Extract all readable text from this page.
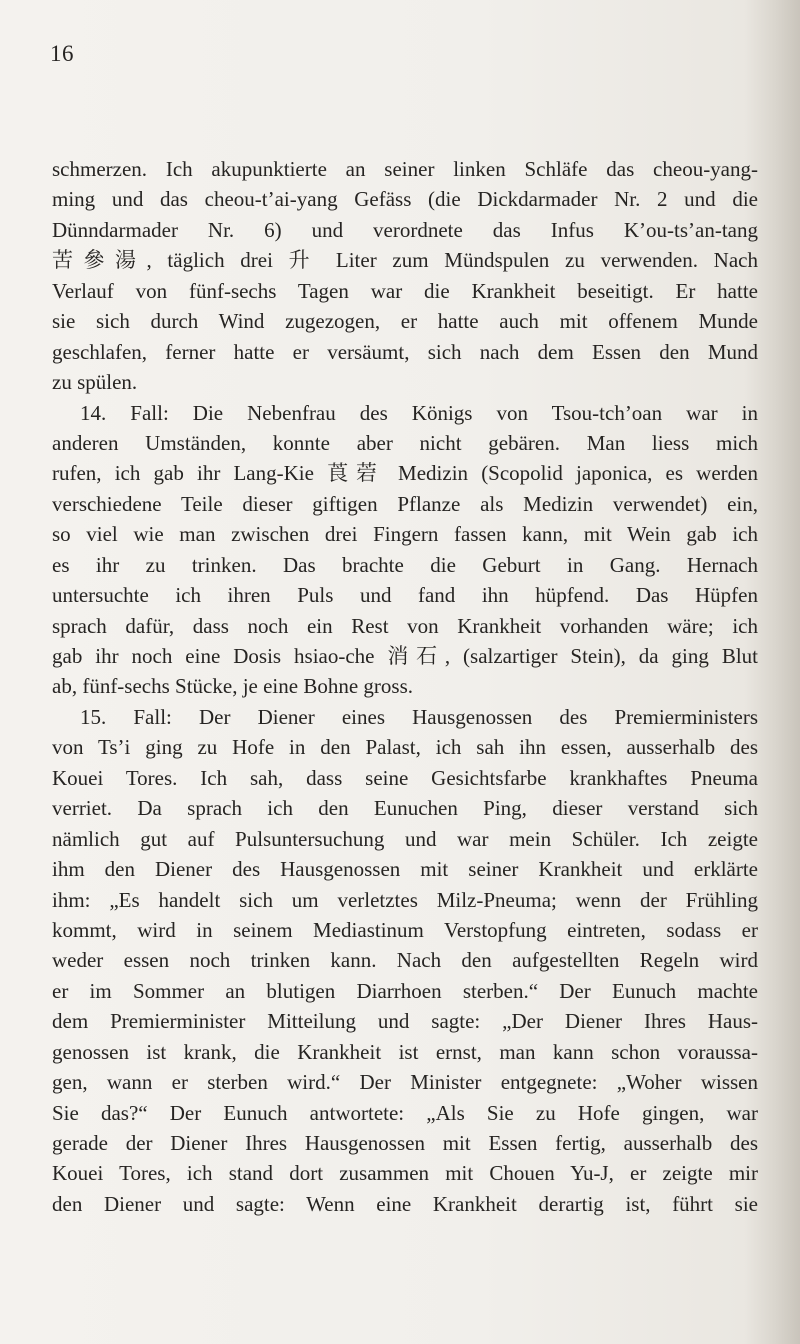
16
schmerzen. Ich akupunktierte an seiner linken Schläfe das cheou-yang-
ming und das cheou-t’ai-yang Gefäss (die Dickdarmader Nr. 2 und die
Dünndarmader Nr. 6) und verordnete das Infus K’ou-ts’an-tang
苦參湯, täglich drei 升 Liter zum Mündspulen zu verwenden. Nach
Verlauf von fünf-sechs Tagen war die Krankheit beseitigt. Er hatte
sie sich durch Wind zugezogen, er hatte auch mit offenem Munde
geschlafen, ferner hatte er versäumt, sich nach dem Essen den Mund
zu spülen.
14. Fall: Die Nebenfrau des Königs von Tsou-tch’oan war in
anderen Umständen, konnte aber nicht gebären. Man liess mich
rufen, ich gab ihr Lang-Kie 莨菪 Medizin (Scopolid japonica, es werden
verschiedene Teile dieser giftigen Pflanze als Medizin verwendet) ein,
so viel wie man zwischen drei Fingern fassen kann, mit Wein gab ich
es ihr zu trinken. Das brachte die Geburt in Gang. Hernach
untersuchte ich ihren Puls und fand ihn hüpfend. Das Hüpfen
sprach dafür, dass noch ein Rest von Krankheit vorhanden wäre; ich
gab ihr noch eine Dosis hsiao-che 消石, (salzartiger Stein), da ging Blut
ab, fünf-sechs Stücke, je eine Bohne gross.
15. Fall: Der Diener eines Hausgenossen des Premierministers
von Ts’i ging zu Hofe in den Palast, ich sah ihn essen, ausserhalb des
Kouei Tores. Ich sah, dass seine Gesichtsfarbe krankhaftes Pneuma
verriet. Da sprach ich den Eunuchen Ping, dieser verstand sich
nämlich gut auf Pulsuntersuchung und war mein Schüler. Ich zeigte
ihm den Diener des Hausgenossen mit seiner Krankheit und erklärte
ihm: „Es handelt sich um verletztes Milz-Pneuma; wenn der Frühling
kommt, wird in seinem Mediastinum Verstopfung eintreten, sodass er
weder essen noch trinken kann. Nach den aufgestellten Regeln wird
er im Sommer an blutigen Diarrhoen sterben.“ Der Eunuch machte
dem Premierminister Mitteilung und sagte: „Der Diener Ihres Haus-
genossen ist krank, die Krankheit ist ernst, man kann schon voraussa-
gen, wann er sterben wird.“ Der Minister entgegnete: „Woher wissen
Sie das?“ Der Eunuch antwortete: „Als Sie zu Hofe gingen, war
gerade der Diener Ihres Hausgenossen mit Essen fertig, ausserhalb des
Kouei Tores, ich stand dort zusammen mit Chouen Yu-J, er zeigte mir
den Diener und sagte: Wenn eine Krankheit derartig ist, führt sie
